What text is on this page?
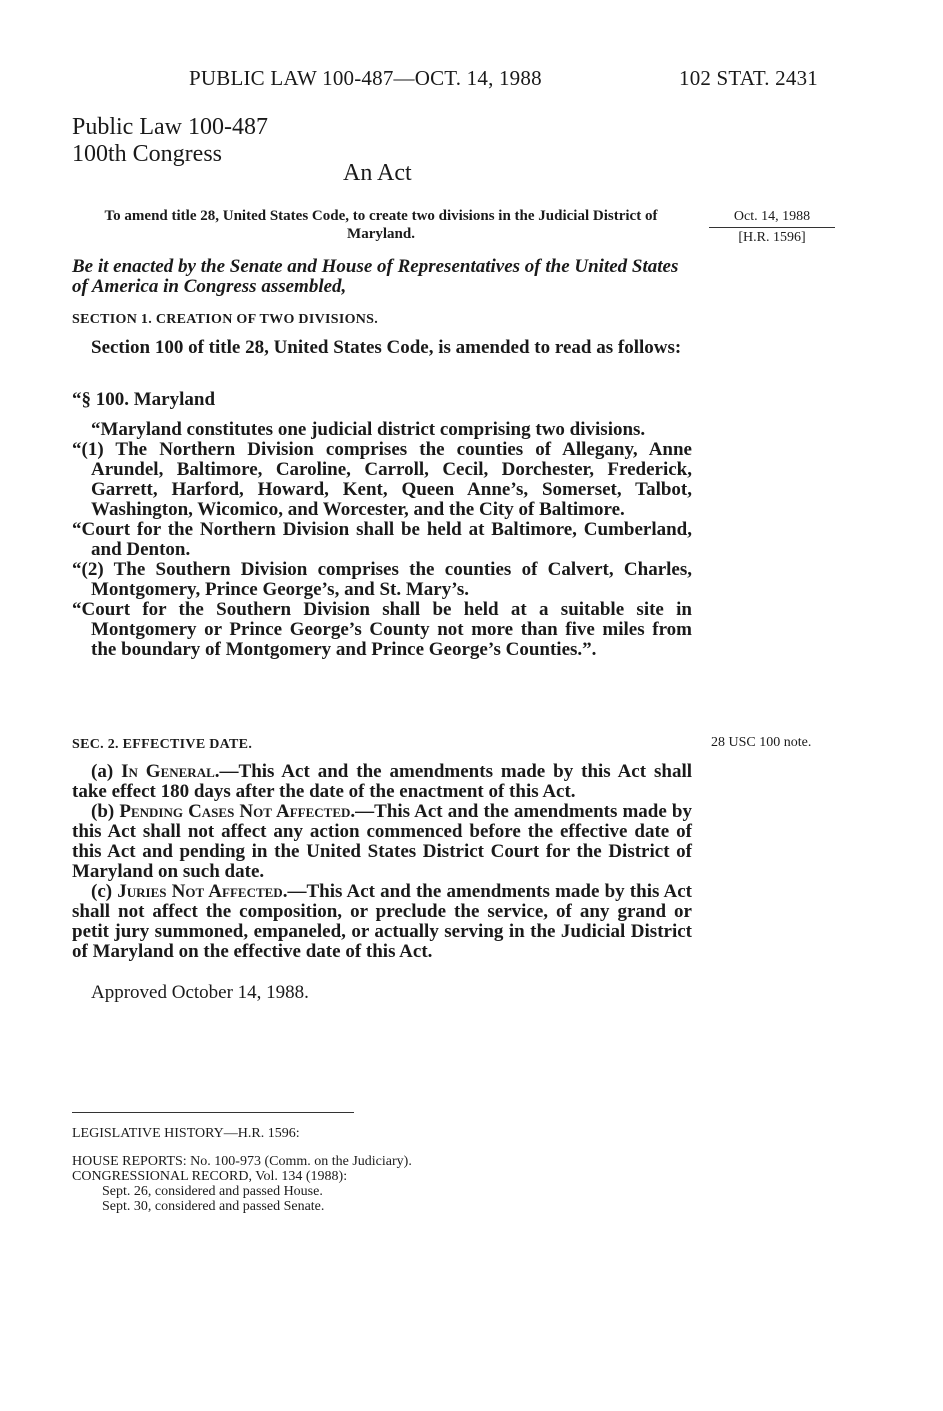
PUBLIC LAW 100-487—OCT. 14, 1988	102 STAT. 2431
Public Law 100-487
100th Congress
An Act
To amend title 28, United States Code, to create two divisions in the Judicial District of Maryland.
Oct. 14, 1988
[H.R. 1596]
Be it enacted by the Senate and House of Representatives of the United States of America in Congress assembled,
SECTION 1. CREATION OF TWO DIVISIONS.
Section 100 of title 28, United States Code, is amended to read as follows:
“§ 100. Maryland
“Maryland constitutes one judicial district comprising two divisions.
“(1) The Northern Division comprises the counties of Allegany, Anne Arundel, Baltimore, Caroline, Carroll, Cecil, Dorchester, Frederick, Garrett, Harford, Howard, Kent, Queen Anne’s, Somerset, Talbot, Washington, Wicomico, and Worcester, and the City of Baltimore.
“Court for the Northern Division shall be held at Baltimore, Cumberland, and Denton.
“(2) The Southern Division comprises the counties of Calvert, Charles, Montgomery, Prince George’s, and St. Mary’s.
“Court for the Southern Division shall be held at a suitable site in Montgomery or Prince George’s County not more than five miles from the boundary of Montgomery and Prince George’s Counties.”.
SEC. 2. EFFECTIVE DATE.	28 USC 100 note.
(a) In General.—This Act and the amendments made by this Act shall take effect 180 days after the date of the enactment of this Act.
(b) Pending Cases Not Affected.—This Act and the amendments made by this Act shall not affect any action commenced before the effective date of this Act and pending in the United States District Court for the District of Maryland on such date.
(c) Juries Not Affected.—This Act and the amendments made by this Act shall not affect the composition, or preclude the service, of any grand or petit jury summoned, empaneled, or actually serving in the Judicial District of Maryland on the effective date of this Act.
Approved October 14, 1988.
LEGISLATIVE HISTORY—H.R. 1596:
HOUSE REPORTS: No. 100-973 (Comm. on the Judiciary).
CONGRESSIONAL RECORD, Vol. 134 (1988):
Sept. 26, considered and passed House.
Sept. 30, considered and passed Senate.
